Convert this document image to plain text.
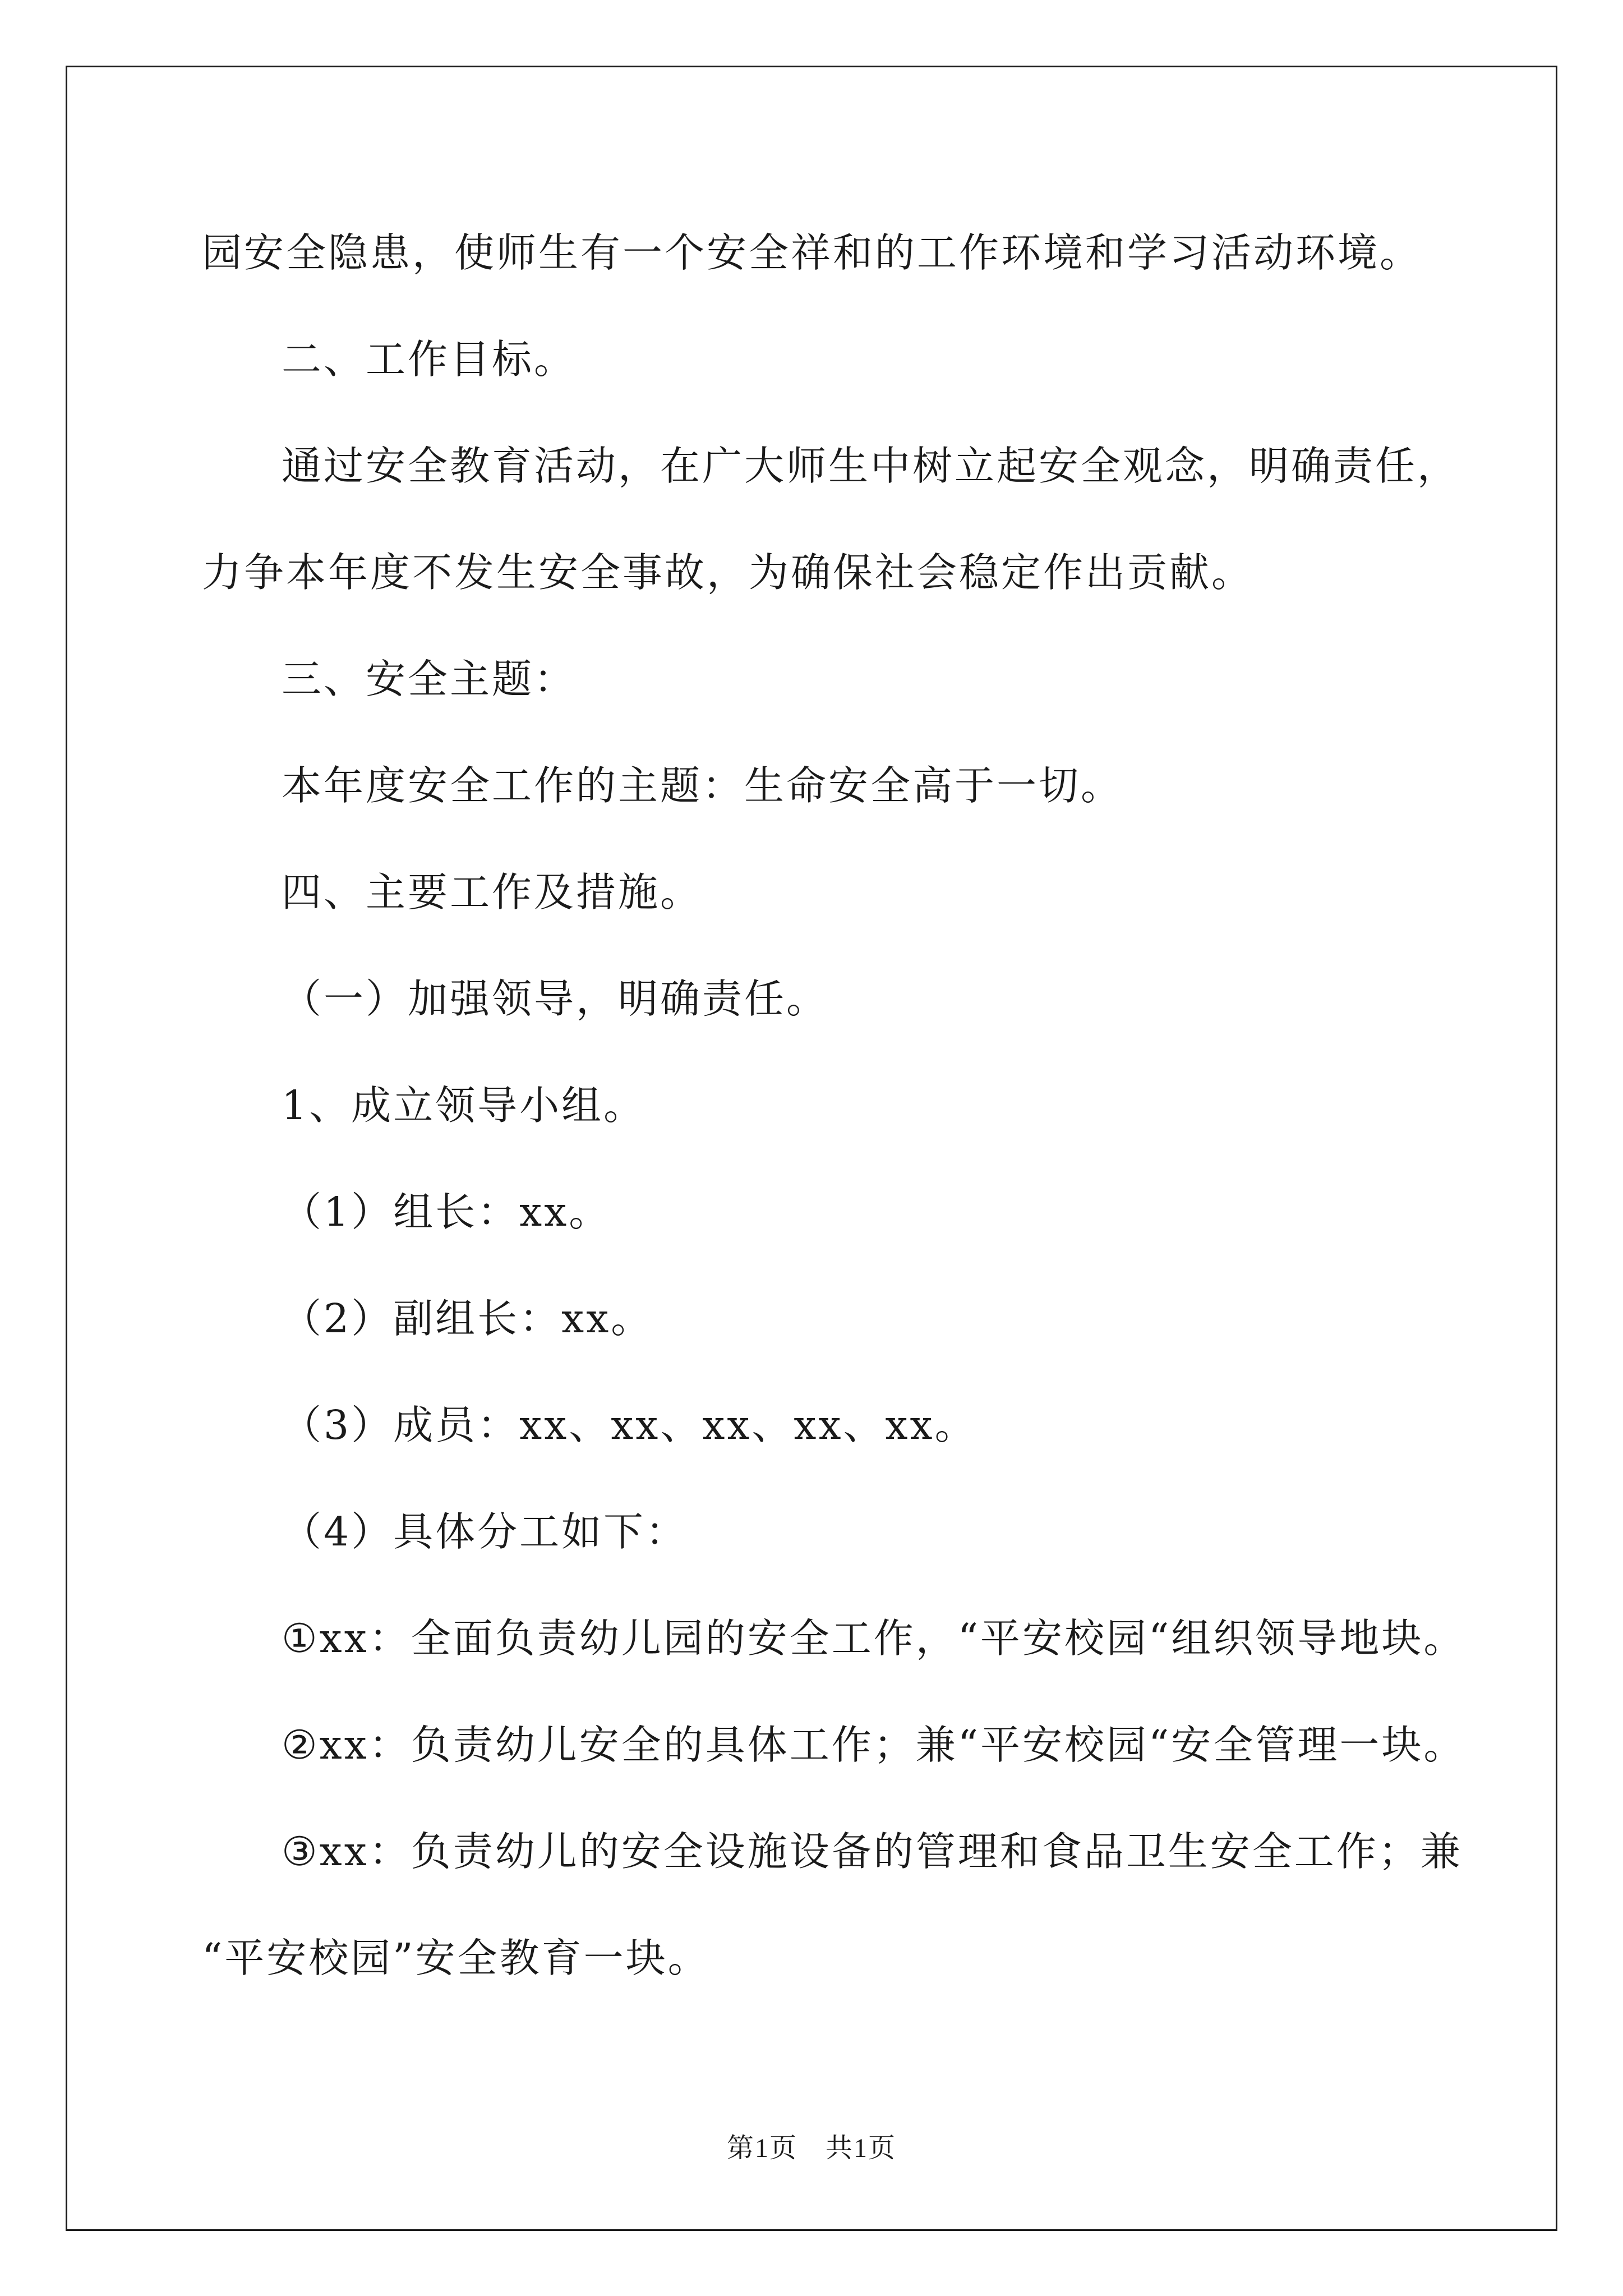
园安全隐患，使师生有一个安全祥和的工作环境和学习活动环境。
二、工作目标。
通过安全教育活动，在广大师生中树立起安全观念，明确责任，
力争本年度不发生安全事故，为确保社会稳定作出贡献。
三、安全主题：
本年度安全工作的主题：生命安全高于一切。
四、主要工作及措施。
（一）加强领导，明确责任。
1、成立领导小组。
（1）组长：xx。
（2）副组长：xx。
（3）成员：xx、xx、xx、xx、xx。
（4）具体分工如下：
①xx：全面负责幼儿园的安全工作，“平安校园“组织领导地块。
②xx：负责幼儿安全的具体工作；兼“平安校园“安全管理一块。
③xx：负责幼儿的安全设施设备的管理和食品卫生安全工作；兼
“平安校园”安全教育一块。
第1页　共1页
